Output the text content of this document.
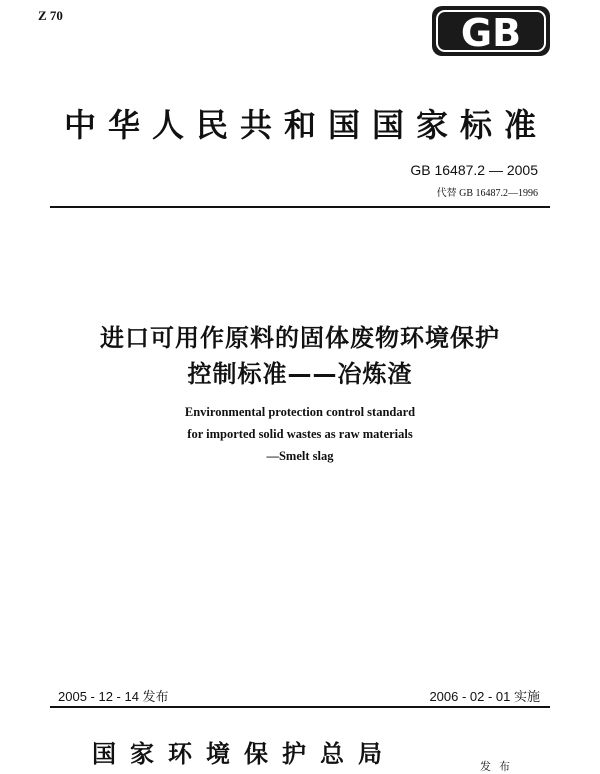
Z 70	GB
中华人民共和国国家标准
GB 16487.2 — 2005
代替 GB 16487.2—1996
进口可用作原料的固体废物环境保护
控制标准——冶炼渣
Environmental protection control standard
for imported solid wastes as raw materials
—Smelt slag
2005 - 12 - 14 发布	2006 - 02 - 01 实施
国家环境保护总局	发布
